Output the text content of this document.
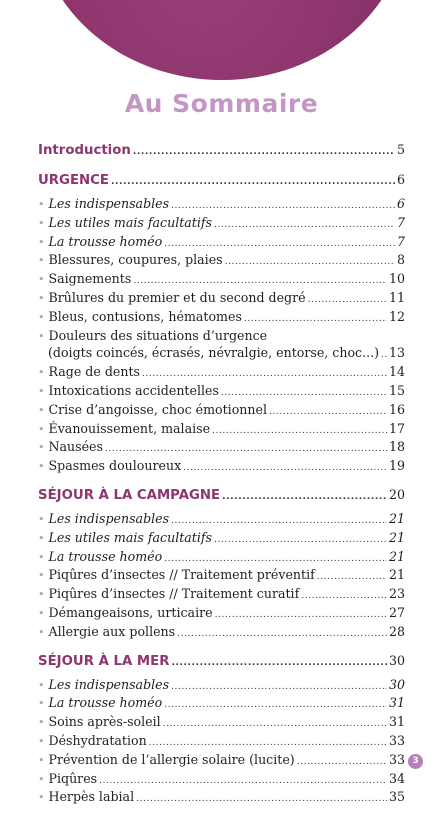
Au Sommaire
Introduction .....	5
URGENCE .....	6
• Les indispensables .....	6
• Les utiles mais facultatifs .....	7
• La trousse homéo .....	7
• Blessures, coupures, plaies .....	8
• Saignements .....	10
• Brûlures du premier et du second degré .....	11
• Bleus, contusions, hématomes .....	12
• Douleurs des situations d’urgence
(doigts coincés, écrasés, névralgie, entorse, choc...) ..... 13
• Rage de dents .....	14
• Intoxications accidentelles .....	15
• Crise d’angoisse, choc émotionnel .....	16
• Évanouissement, malaise .....	17
• Nausées .....	18
• Spasmes douloureux .....	19
SÉJOUR À LA CAMPAGNE .....	20
• Les indispensables .....	21
• Les utiles mais facultatifs .....	21
• La trousse homéo .....	21
• Piqûres d’insectes // Traitement préventif .....	21
• Piqûres d’insectes // Traitement curatif .....	23
• Démangeaisons, urticaire .....	27
• Allergie aux pollens .....	28
SÉJOUR À LA MER .....	30
• Les indispensables .....	30
• La trousse homéo .....	31
• Soins après-soleil .....	31
• Déshydratation .....	33
• Prévention de l’allergie solaire (lucite) .....	33
• Piqûres .....	34
• Herpès labial .....	35
3
